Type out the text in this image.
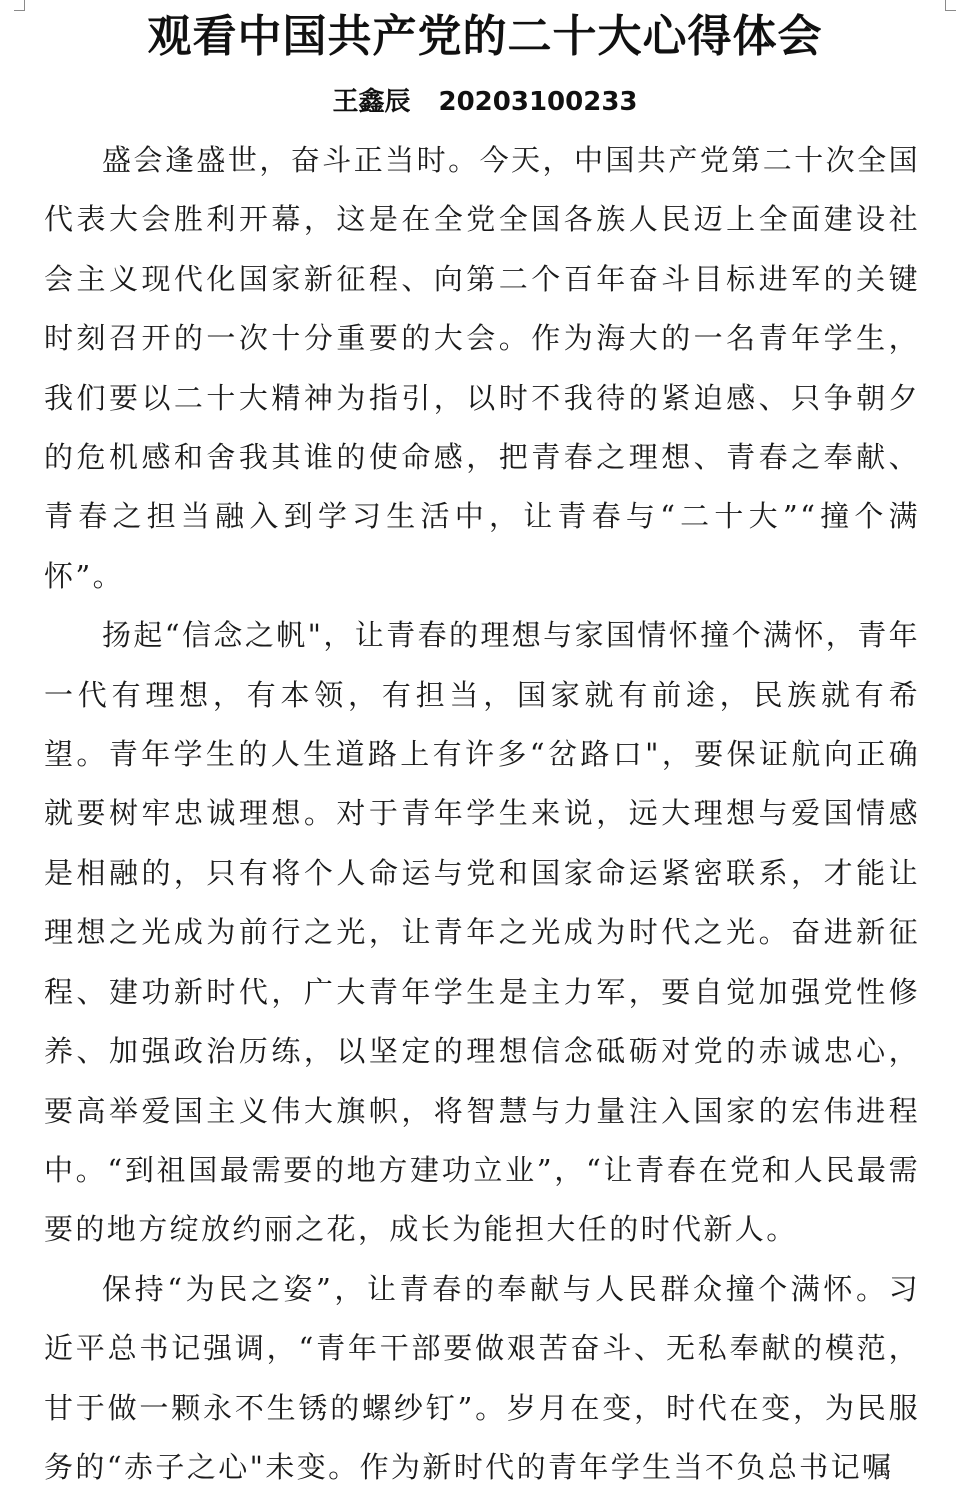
观看中国共产党的二十大心得体会
王鑫辰 20203100233

盛会逢盛世，奋斗正当时。今天，中国共产党第二十次全国代表大会胜利开幕，这是在全党全国各族人民迈上全面建设社会主义现代化国家新征程、向第二个百年奋斗目标进军的关键时刻召开的一次十分重要的大会。作为海大的一名青年学生，我们要以二十大精神为指引，以时不我待的紧迫感、只争朝夕的危机感和舍我其谁的使命感，把青春之理想、青春之奉献、青春之担当融入到学习生活中，让青春与“二十大”“撞个满怀”。

扬起“信念之帆"，让青春的理想与家国情怀撞个满怀，青年一代有理想，有本领，有担当，国家就有前途，民族就有希望。青年学生的人生道路上有许多“岔路口"，要保证航向正确就要树牢忠诚理想。对于青年学生来说，远大理想与爱国情感是相融的，只有将个人命运与党和国家命运紧密联系，才能让理想之光成为前行之光，让青年之光成为时代之光。奋进新征程、建功新时代，广大青年学生是主力军，要自觉加强党性修养、加强政治历练，以坚定的理想信念砥砺对党的赤诚忠心，要高举爱国主义伟大旗帜，将智慧与力量注入国家的宏伟进程中。“到祖国最需要的地方建功立业”，“让青春在党和人民最需要的地方绽放约丽之花，成长为能担大任的时代新人。

保持“为民之姿”，让青春的奉献与人民群众撞个满怀。习近平总书记强调，“青年干部要做艰苦奋斗、无私奉献的模范，甘于做一颗永不生锈的螺纱钉”。岁月在变，时代在变，为民服务的“赤子之心"未变。作为新时代的青年学生当不负总书记嘱
